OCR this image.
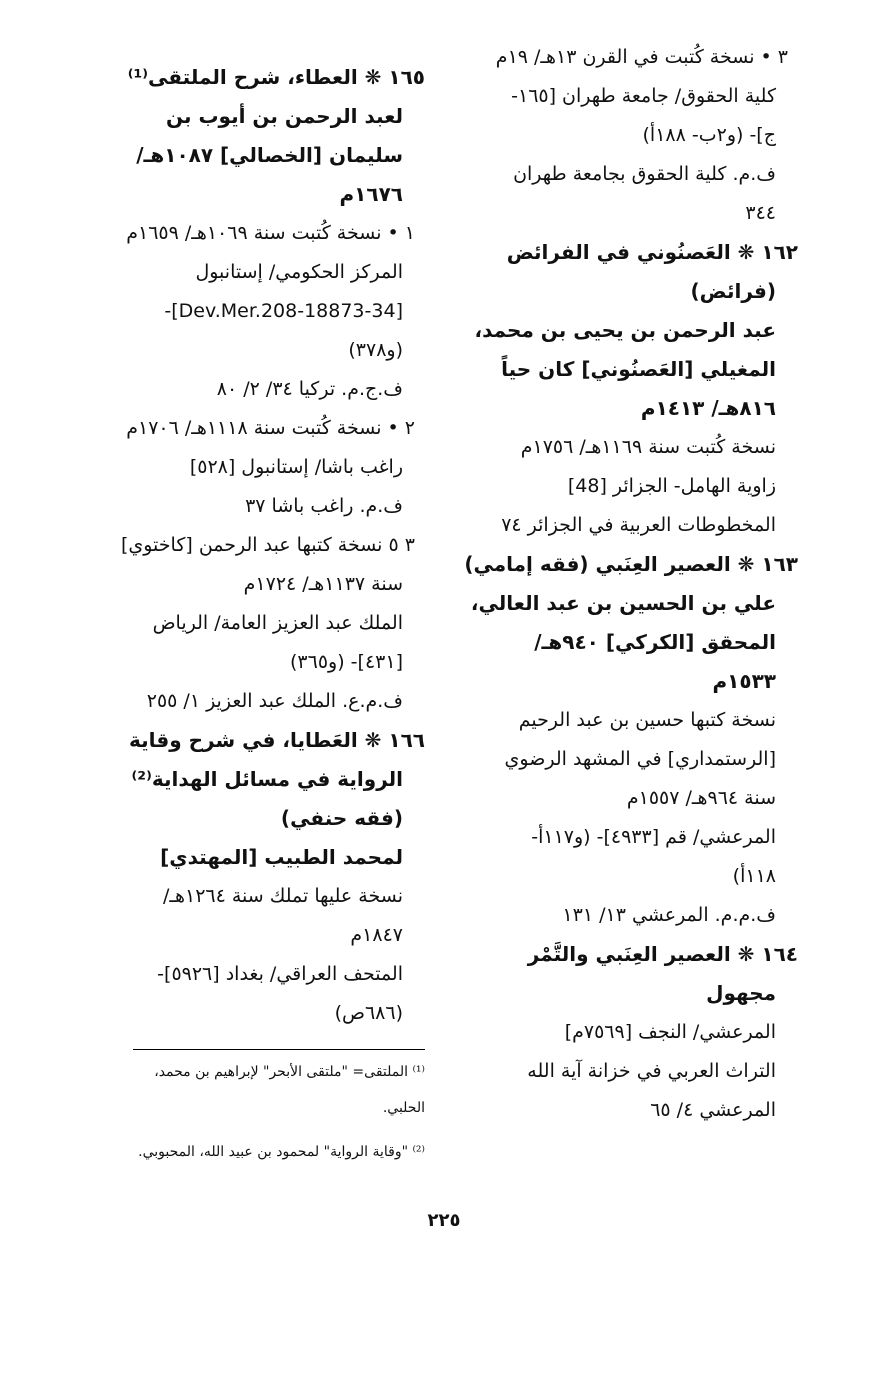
٣ • نسخة كُتبت في القرن ١٣هـ/ ١٩م
كلية الحقوق/ جامعة طهران [١٦٥-
ج]- (و٢ب- ١٨٨أ)
ف.م. كلية الحقوق بجامعة طهران
٣٤٤
١٦٢ ❋ العَصنُوني في الفرائض
(فرائض)
عبد الرحمن بن يحيى بن محمد،
المغيلي [العَصنُوني] كان حياً
٨١٦هـ/ ١٤١٣م
نسخة كُتبت سنة ١١٦٩هـ/ ١٧٥٦م
زاوية الهامل- الجزائر [48]
المخطوطات العربية في الجزائر ٧٤
١٦٣ ❋ العصير العِنَبي (فقه إمامي)
علي بن الحسين بن عبد العالي،
المحقق [الكركي] ٩٤٠هـ/
١٥٣٣م
نسخة كتبها حسين بن عبد الرحيم
[الرستمداري] في المشهد الرضوي
سنة ٩٦٤هـ/ ١٥٥٧م
المرعشي/ قم [٤٩٣٣]- (و١١٧أ-
١١٨أ)
ف.م.م. المرعشي ١٣/ ١٣١
١٦٤ ❋ العصير العِنَبي والتَّمْر
مجهول
المرعشي/ النجف [٧٥٦٩م]
التراث العربي في خزانة آية الله
المرعشي ٤/ ٦٥
١٦٥ ❋ العطاء، شرح الملتقى⁽¹⁾
لعبد الرحمن بن أيوب بن
سليمان [الخصالي] ١٠٨٧هـ/
١٦٧٦م
١ • نسخة كُتبت سنة ١٠٦٩هـ/ ١٦٥٩م
المركز الحكومي/ إستانبول
[34-Dev.Mer.208-18873]-
(و٣٧٨)
ف.ج.م. تركيا ٣٤/ ٢/ ٨٠
٢ • نسخة كُتبت سنة ١١١٨هـ/ ١٧٠٦م
راغب باشا/ إستانبول [٥٢٨]
ف.م. راغب باشا ٣٧
٣ ٥ نسخة كتبها عبد الرحمن [كاختوي]
سنة ١١٣٧هـ/ ١٧٢٤م
الملك عبد العزيز العامة/ الرياض
[٤٣١]- (و٣٦٥)
ف.م.ع. الملك عبد العزيز ١/ ٢٥٥
١٦٦ ❋ العَطايا، في شرح وقاية
الرواية في مسائل الهداية⁽²⁾
(فقه حنفي)
لمحمد الطبيب [المهتدي]
نسخة عليها تملك سنة ١٢٦٤هـ/
١٨٤٧م
المتحف العراقي/ بغداد [٥٩٢٦]-
(٦٨٦ص)
⁽¹⁾ الملتقى= "ملتقى الأبحر" لإبراهيم بن محمد،
الحلبي.
⁽²⁾ "وقاية الرواية" لمحمود بن عبيد الله، المحبوبي.
٢٢٥
